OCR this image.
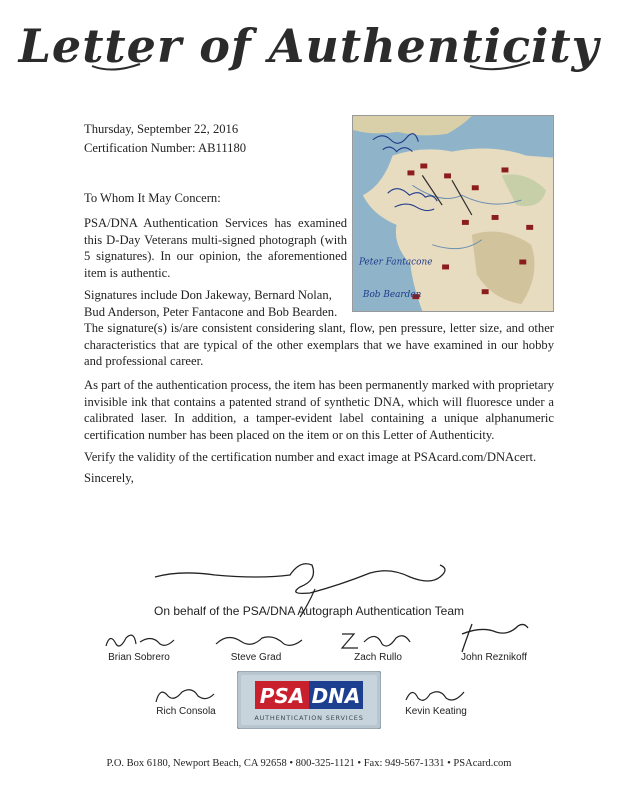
Letter of Authenticity
Thursday, September 22, 2016
Certification Number: AB11180
To Whom It May Concern:
PSA/DNA Authentication Services has examined this D-Day Veterans multi-signed photograph (with 5 signatures). In our opinion, the aforementioned item is authentic.
Signatures include Don Jakeway, Bernard Nolan, Bud Anderson, Peter Fantacone and Bob Bearden.
The signature(s) is/are consistent considering slant, flow, pen pressure, letter size, and other characteristics that are typical of the other exemplars that we have examined in our hobby and professional career.
As part of the authentication process, the item has been permanently marked with proprietary invisible ink that contains a patented strand of synthetic DNA, which will fluoresce under a calibrated laser. In addition, a tamper-evident label containing a unique alphanumeric certification number has been placed on the item or on this Letter of Authenticity.
Verify the validity of the certification number and exact image at PSAcard.com/DNAcert.
Sincerely,
Peter Fantacone
Bob Bearden
On behalf of the PSA/DNA Autograph Authentication Team
Brian Sobrero	Steve Grad	Zach Rullo	John Reznikoff
Rich Consola	Kevin Keating
PSA DNA
AUTHENTICATION SERVICES
P.O. Box 6180, Newport Beach, CA 92658 • 800-325-1121 • Fax: 949-567-1331 • PSAcard.com
